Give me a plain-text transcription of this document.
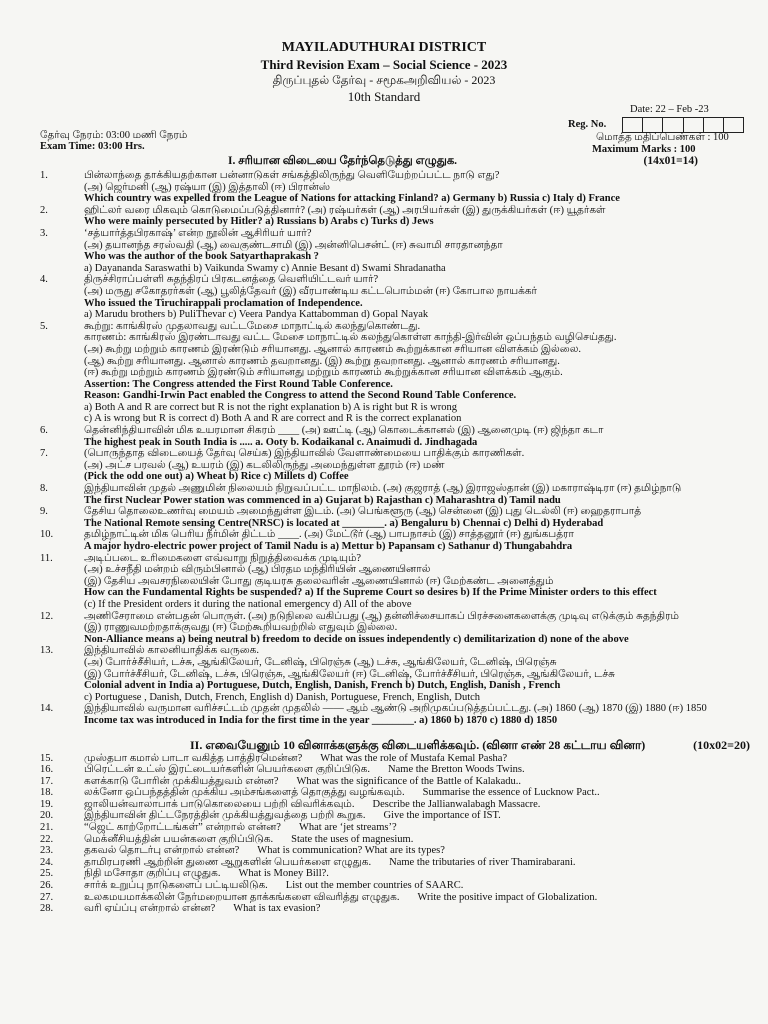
MAYILADUTHURAI DISTRICT
Third Revision Exam – Social Science - 2023
திருப்புதல் தேர்வு - சமூகஅறிவியல் - 2023
10th Standard
Date: 22 – Feb -23
Reg. No.
தேர்வு நேரம்: 03:00 மணி நேரம்
Exam Time: 03:00 Hrs.
மொத்த மதிப்பெண்கள் : 100
Maximum Marks : 100
I. சரியான விடையை தேர்ந்தெடுத்து எழுதுக.	(14x01=14)
1.	பின்லாந்தை தாக்கியதற்கான பன்னாடுகள் சங்கத்திலிருந்து வெளியேற்றப்பட்ட நாடு எது?
(அ) ஜெர்மனி (ஆ) ரஷ்யா (இ) இத்தாலி (ஈ) பிரான்ஸ்
Which country was expelled from the League of Nations for attacking Finland? a) Germany b) Russia c) Italy d) France
2.	ஹிட்லர் வரை மிகவும் கொடுமைப்படுத்தினார்? (அ) ரஷ்யர்கள் (ஆ) அரபியர்கள் (இ) துருக்கியர்கள் (ஈ) யூதர்கள்
Who were mainly persecuted by Hitler? a) Russians b) Arabs c) Turks d) Jews
3.	‘சத்யார்த்தபிரகாஷ்’ என்ற நூலின் ஆசிரியர் யார்?
(அ) தயானந்த சரஸ்வதி (ஆ) வைகுண்டசாமி (இ) அன்னிபெசன்ட் (ஈ) சுவாமி சாரதானந்தா
Who was the author of the book Satyarthaprakash ?
a) Dayananda Saraswathi b) Vaikunda Swamy c) Annie Besant d) Swami Shradanatha
4.	திருச்சிராப்பள்ளி சுதந்திரப் பிரகடனத்தை வெளியிட்டவர் யார்?
(அ) மருது சகோதரர்கள் (ஆ) பூலித்தேவர் (இ) வீரபாண்டிய கட்டபொம்மன் (ஈ) கோபால நாயக்கர்
Who issued the Tiruchirappali proclamation of Independence.
a) Marudu brothers b) PuliThevar c) Veera Pandya Kattabomman d) Gopal Nayak
5.	கூற்று: காங்கிரஸ் முதலாவது வட்டமேசை மாநாட்டில் கலந்துகொண்டது.
காரணம்: காங்கிரஸ் இரண்டாவது வட்ட மேசை மாநாட்டில் கலந்துகொள்ள காந்தி-இர்வின் ஒப்பந்தம் வழிசெய்தது.
(அ) கூற்று மற்றும் காரணம் இரண்டும் சரியானது. ஆனால் காரணம் கூற்றுக்கான சரியான விளக்கம் இல்லை.
(ஆ) கூற்று சரியானது. ஆனால் காரணம் தவறானது. (இ) கூற்று தவறானது. ஆனால் காரணம் சரியானது.
(ஈ) கூற்று மற்றும் காரணம் இரண்டும் சரியானது மற்றும் காரணம் கூற்றுக்கான சரியான விளக்கம் ஆகும்.
Assertion: The Congress attended the First Round Table Conference.
Reason: Gandhi-Irwin Pact enabled the Congress to attend the Second Round Table Conference.
a) Both A and R are correct but R is not the right explanation b) A is right but R is wrong
c) A is wrong but R is correct d) Both A and R are correct and R is the correct explanation
6.	தென்னிந்தியாவின் மிக உயரமான சிகரம் ____ (அ) ஊட்டி (ஆ) கொடைக்கானல் (இ) ஆனைமுடி (ஈ) ஜிந்தா கடா
The highest peak in South India is ..... a. Ooty b. Kodaikanal c. Anaimudi d. Jindhagada
7.	(பொருந்தாத விடையைத் தேர்வு செய்க) இந்தியாவில் வேளாண்மையை பாதிக்கும் காரணிகள்.
(அ) அட்ச பரவல் (ஆ) உயரம் (இ) கடலிலிருந்து அமைந்துள்ள தூரம் (ஈ) மண்
(Pick the odd one out) a) Wheat b) Rice c) Millets d) Coffee
8.	இந்தியாவின் முதல் அணுமின் நிலையம் நிறுவப்பட்ட மாநிலம். (அ) குஜராத் (ஆ) இராஜஸ்தான் (இ) மகாராஷ்டிரா (ஈ) தமிழ்நாடு
The first Nuclear Power station was commenced in a) Gujarat b) Rajasthan c) Maharashtra d) Tamil nadu
9.	தேசிய தொலைஉணர்வு மையம் அமைந்துள்ள இடம். (அ) பெங்களூரு (ஆ) சென்னை (இ) புது டெல்லி (ஈ) ஹைதராபாத்
The National Remote sensing Centre(NRSC) is located at ________. a) Bengaluru b) Chennai c) Delhi d) Hyderabad
10.	தமிழ்நாட்டின் மிக பெரிய நீர்மின் திட்டம் ____. (அ) மேட்டூர் (ஆ) பாபநாசம் (இ) சாத்தனூர் (ஈ) துங்கபத்ரா
A major hydro-electric power project of Tamil Nadu is a) Mettur b) Papansam c) Sathanur d) Thungabahdra
11.	அடிப்படை உரிமைகளை எவ்வாறு நிறுத்திவைக்க முடியும்?
(அ) உச்சநீதி மன்றம் விரும்பினால் (ஆ) பிரதம மந்திரியின் ஆணையினால்
(இ) தேசிய அவசரநிலையின் போது குடியரசு தலைவரின் ஆணையினால் (ஈ) மேற்கண்ட அனைத்தும்
How can the Fundamental Rights be suspended? a) If the Supreme Court so desires b) If the Prime Minister orders to this effect
(c) If the President orders it during the national emergency d) All of the above
12.	அணிசேராமை என்பதன் பொருள். (அ) நடுநிலை வகிப்பது (ஆ) தன்னிச்சையாகப் பிரச்சனைகளைக்கு முடிவு எடுக்கும் சுதந்திரம்
(இ) ராணுவமற்றதாக்குவது (ஈ) மேற்கூறியவற்றில் எதுவும் இல்லை.
Non-Alliance means a) being neutral b) freedom to decide on issues independently c) demilitarization d) none of the above
13.	இந்தியாவில் காலனியாதிக்க வருகை.
(அ) போர்ச்சீசியர், டச்சு, ஆங்கிலேயர், டேனிஷ், பிரெஞ்சு (ஆ) டச்சு, ஆங்கிலேயர், டேனிஷ், பிரெஞ்சு
(இ) போர்ச்சீசியர், டேனிஷ், டச்சு, பிரெஞ்சு, ஆங்கிலேயர் (ஈ) டேனிஷ், போர்ச்சீசியர், பிரெஞ்சு, ஆங்கிலேயர், டச்சு
Colonial advent in India a) Portuguese, Dutch, English, Danish, French b) Dutch, English, Danish , French
c) Portuguese , Danish, Dutch, French, English d) Danish, Portuguese, French, English, Dutch
14.	இந்தியாவில் வருமான வரிச்சட்டம் முதன் முதலில் —— ஆம் ஆண்டு அறிமுகப்படுத்தப்பட்டது. (அ) 1860 (ஆ) 1870 (இ) 1880 (ஈ) 1850
Income tax was introduced in India for the first time in the year ________. a) 1860 b) 1870 c) 1880 d) 1850
II. எவையேனும் 10 வினாக்களுக்கு விடையளிக்கவும். (வினா எண் 28 கட்டாய வினா)	(10x02=20)
15.	முஸ்தபா கமால் பாடா வகித்த பாத்திரமென்ன? What was the role of Mustafa Kemal Pasha?
16.	பிரெட்டன் உட்ஸ் இரட்டையர்களின் பெயர்களை குறிப்பிடுக. Name the Bretton Woods Twins.
17.	களக்காடு போரின் முக்கியத்துவம் என்ன? What was the significance of the Battle of Kalakadu..
18.	லக்னோ ஒப்பந்தத்தின் முக்கிய அம்சங்களைத் தொகுத்து வழங்கவும். Summarise the essence of Lucknow Pact..
19.	ஜாலியன்வாலாபாக் பாடுகொலையை பற்றி விவரிக்கவும். Describe the Jallianwalabagh Massacre.
20.	இந்தியாவின் திட்டநேரத்தின் முக்கியத்துவத்தை பற்றி கூறுக. Give the importance of IST.
21.	“ஜெட் காற்றோட்டங்கள்” என்றால் என்ன? What are ‘jet streams’?
22.	மெக்னீசியத்தின் பயன்களை குறிப்பிடுக. State the uses of magnesium.
23.	தகவல் தொடர்பு என்றால் என்ன? What is communication? What are its types?
24.	தாமிரபரணி ஆற்றின் துணை ஆறுகளின் பெயர்களை எழுதுக. Name the tributaries of river Thamirabarani.
25.	நிதி மசோதா குறிப்பு எழுதுக. What is Money Bill?.
26.	சார்க் உறுப்பு நாடுகளைப் பட்டியலிடுக. List out the member countries of SAARC.
27.	உலகமயமாக்கலின் நேர்மறையான தாக்கங்களை விவரித்து எழுதுக. Write the positive impact of Globalization.
28.	வரி ஏய்ப்பு என்றால் என்ன? What is tax evasion?
